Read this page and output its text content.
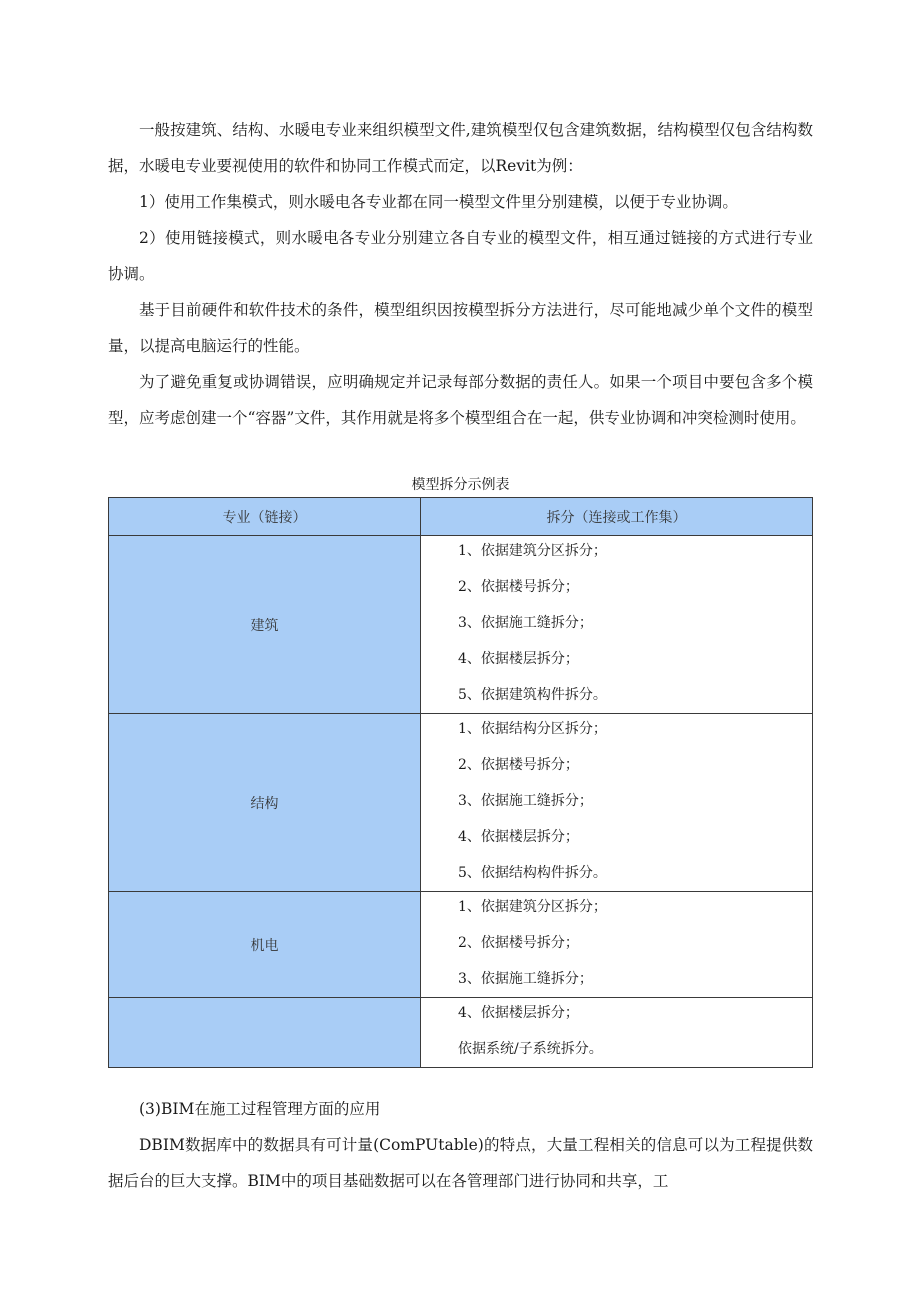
一般按建筑、结构、水暖电专业来组织模型文件,建筑模型仅包含建筑数据，结构模型仅包含结构数据，水暖电专业要视使用的软件和协同工作模式而定，以Revit为例：

1）使用工作集模式，则水暖电各专业都在同一模型文件里分别建模，以便于专业协调。

2）使用链接模式，则水暖电各专业分别建立各自专业的模型文件，相互通过链接的方式进行专业协调。

基于目前硬件和软件技术的条件，模型组织因按模型拆分方法进行，尽可能地减少单个文件的模型量，以提高电脑运行的性能。

为了避免重复或协调错误，应明确规定并记录每部分数据的责任人。如果一个项目中要包含多个模型，应考虑创建一个“容器”文件，其作用就是将多个模型组合在一起，供专业协调和冲突检测时使用。

模型拆分示例表
专业（链接）	拆分（连接或工作集）
建筑	1、依据建筑分区拆分；
2、依据楼号拆分；
3、依据施工缝拆分；
4、依据楼层拆分；
5、依据建筑构件拆分。

结构	1、依据结构分区拆分；
2、依据楼号拆分；
3、依据施工缝拆分；
4、依据楼层拆分；
5、依据结构构件拆分。

机电	1、依据建筑分区拆分；
2、依据楼号拆分；
3、依据施工缝拆分；

	4、依据楼层拆分；
依据系统/子系统拆分。

(3)BIM在施工过程管理方面的应用

DBIM数据库中的数据具有可计量(ComPUtable)的特点，大量工程相关的信息可以为工程提供数据后台的巨大支撑。BIM中的项目基础数据可以在各管理部门进行协同和共享，工
